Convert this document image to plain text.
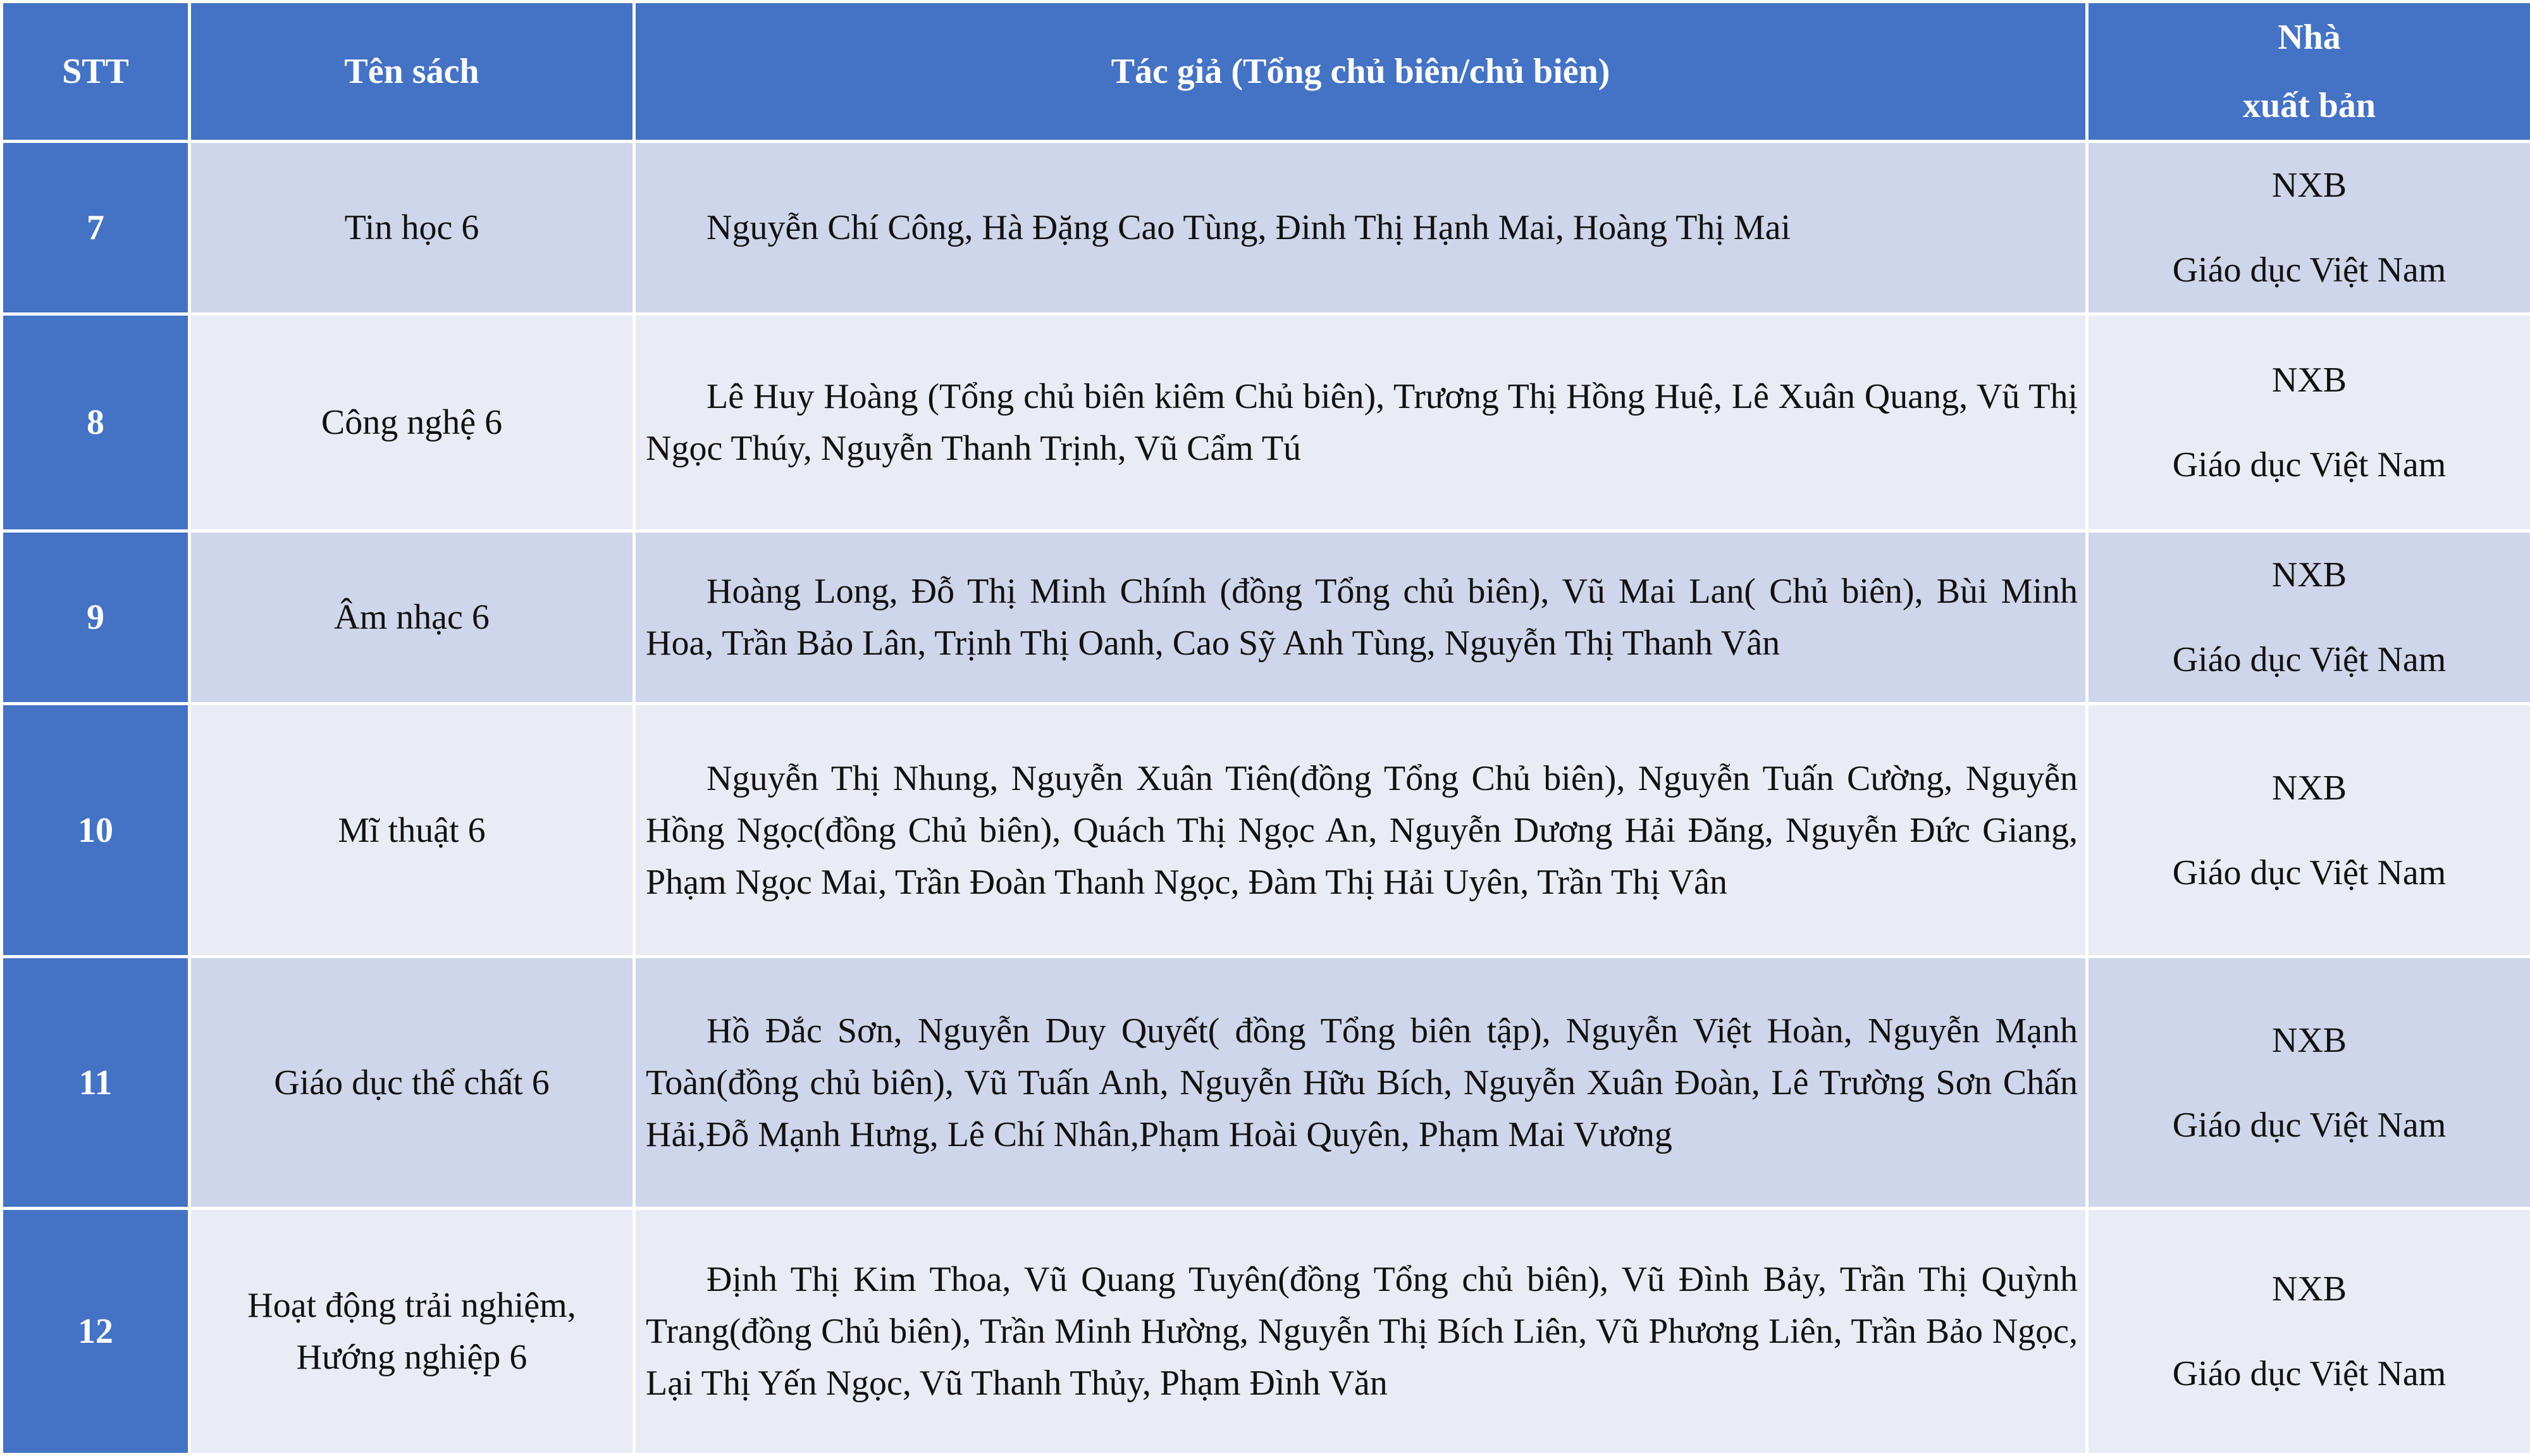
STT	Tên sách	Tác giả (Tổng chủ biên/chủ biên)	Nhà
xuất bản

7	Tin học 6	Nguyễn Chí Công, Hà Đặng Cao Tùng, Đinh Thị Hạnh Mai, Hoàng Thị Mai	NXB
Giáo dục Việt Nam

8	Công nghệ 6	Lê Huy Hoàng (Tổng chủ biên kiêm Chủ biên), Trương Thị Hồng Huệ, Lê Xuân Quang, Vũ Thị Ngọc Thúy, Nguyễn Thanh Trịnh, Vũ Cẩm Tú	NXB
Giáo dục Việt Nam

9	Âm nhạc 6	Hoàng Long, Đỗ Thị Minh Chính (đồng Tổng chủ biên), Vũ Mai Lan( Chủ biên), Bùi Minh Hoa, Trần Bảo Lân, Trịnh Thị Oanh, Cao Sỹ Anh Tùng, Nguyễn Thị Thanh Vân	NXB
Giáo dục Việt Nam

10	Mĩ thuật 6	Nguyễn Thị Nhung, Nguyễn Xuân Tiên(đồng Tổng Chủ biên), Nguyễn Tuấn Cường, Nguyễn Hồng Ngọc(đồng Chủ biên), Quách Thị Ngọc An, Nguyễn Dương Hải Đăng, Nguyễn Đức Giang, Phạm Ngọc Mai, Trần Đoàn Thanh Ngọc, Đàm Thị Hải Uyên, Trần Thị Vân	NXB
Giáo dục Việt Nam

11	Giáo dục thể chất 6	Hồ Đắc Sơn, Nguyễn Duy Quyết( đồng Tổng biên tập), Nguyễn Việt Hoàn, Nguyễn Mạnh Toàn(đồng chủ biên), Vũ Tuấn Anh, Nguyễn Hữu Bích, Nguyễn Xuân Đoàn, Lê Trường Sơn Chấn Hải,Đỗ Mạnh Hưng, Lê Chí Nhân,Phạm Hoài Quyên, Phạm Mai Vương	NXB
Giáo dục Việt Nam

12	Hoạt động trải nghiệm, Hướng nghiệp 6	Định Thị Kim Thoa, Vũ Quang Tuyên(đồng Tổng chủ biên), Vũ Đình Bảy, Trần Thị Quỳnh Trang(đồng Chủ biên), Trần Minh Hường, Nguyễn Thị Bích Liên, Vũ Phương Liên, Trần Bảo Ngọc, Lại Thị Yến Ngọc, Vũ Thanh Thủy, Phạm Đình Văn	NXB
Giáo dục Việt Nam
